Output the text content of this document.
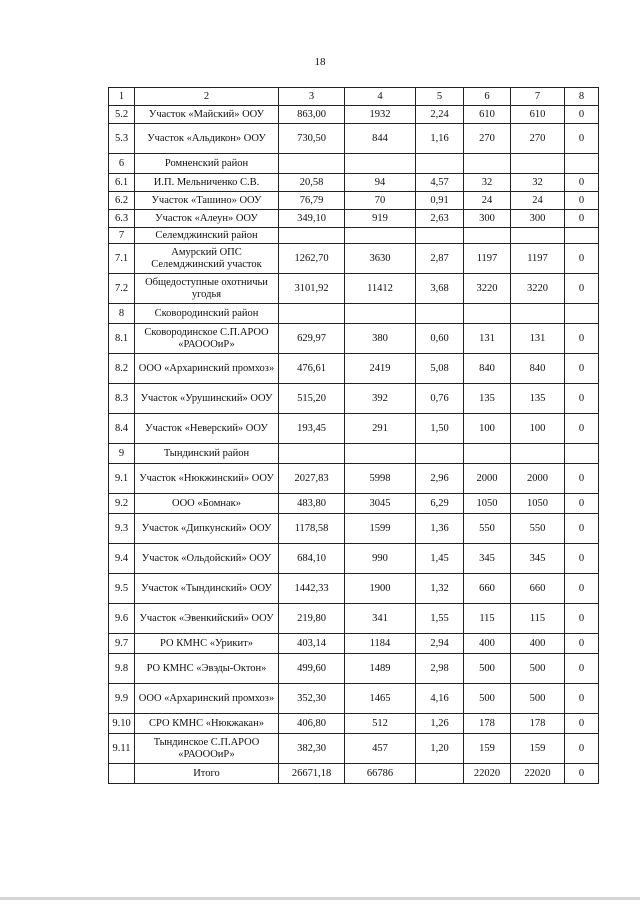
18
1	2	3	4	5	6	7	8
5.2	Участок «Майский» ООУ	863,00	1932	2,24	610	610	0
5.3	Участок «Альдикон» ООУ	730,50	844	1,16	270	270	0
6	Ромненский район						
6.1	И.П. Мельниченко С.В.	20,58	94	4,57	32	32	0
6.2	Участок «Ташино» ООУ	76,79	70	0,91	24	24	0
6.3	Участок «Алеун» ООУ	349,10	919	2,63	300	300	0
7	Селемджинский район						
7.1	Амурский ОПС Селемджинский участок	1262,70	3630	2,87	1197	1197	0
7.2	Общедоступные охотничьи угодья	3101,92	11412	3,68	3220	3220	0
8	Сковородинский район						
8.1	Сковородинское С.П.АРОО «РАОООиР»	629,97	380	0,60	131	131	0
8.2	ООО «Архаринский промхоз»	476,61	2419	5,08	840	840	0
8.3	Участок «Урушинский» ООУ	515,20	392	0,76	135	135	0
8.4	Участок «Неверский» ООУ	193,45	291	1,50	100	100	0
9	Тындинский район						
9.1	Участок «Нюкжинский» ООУ	2027,83	5998	2,96	2000	2000	0
9.2	ООО «Бомнак»	483,80	3045	6,29	1050	1050	0
9.3	Участок «Дипкунский» ООУ	1178,58	1599	1,36	550	550	0
9.4	Участок «Ольдойский» ООУ	684,10	990	1,45	345	345	0
9.5	Участок «Тындинский» ООУ	1442,33	1900	1,32	660	660	0
9.6	Участок «Эвенкийский» ООУ	219,80	341	1,55	115	115	0
9.7	РО КМНС «Урикит»	403,14	1184	2,94	400	400	0
9.8	РО КМНС «Эвэды-Октон»	499,60	1489	2,98	500	500	0
9.9	ООО «Архаринский промхоз»	352,30	1465	4,16	500	500	0
9.10	СРО КМНС «Нюкжакан»	406,80	512	1,26	178	178	0
9.11	Тындинское С.П.АРОО «РАОООиР»	382,30	457	1,20	159	159	0
	Итого	26671,18	66786		22020	22020	0
